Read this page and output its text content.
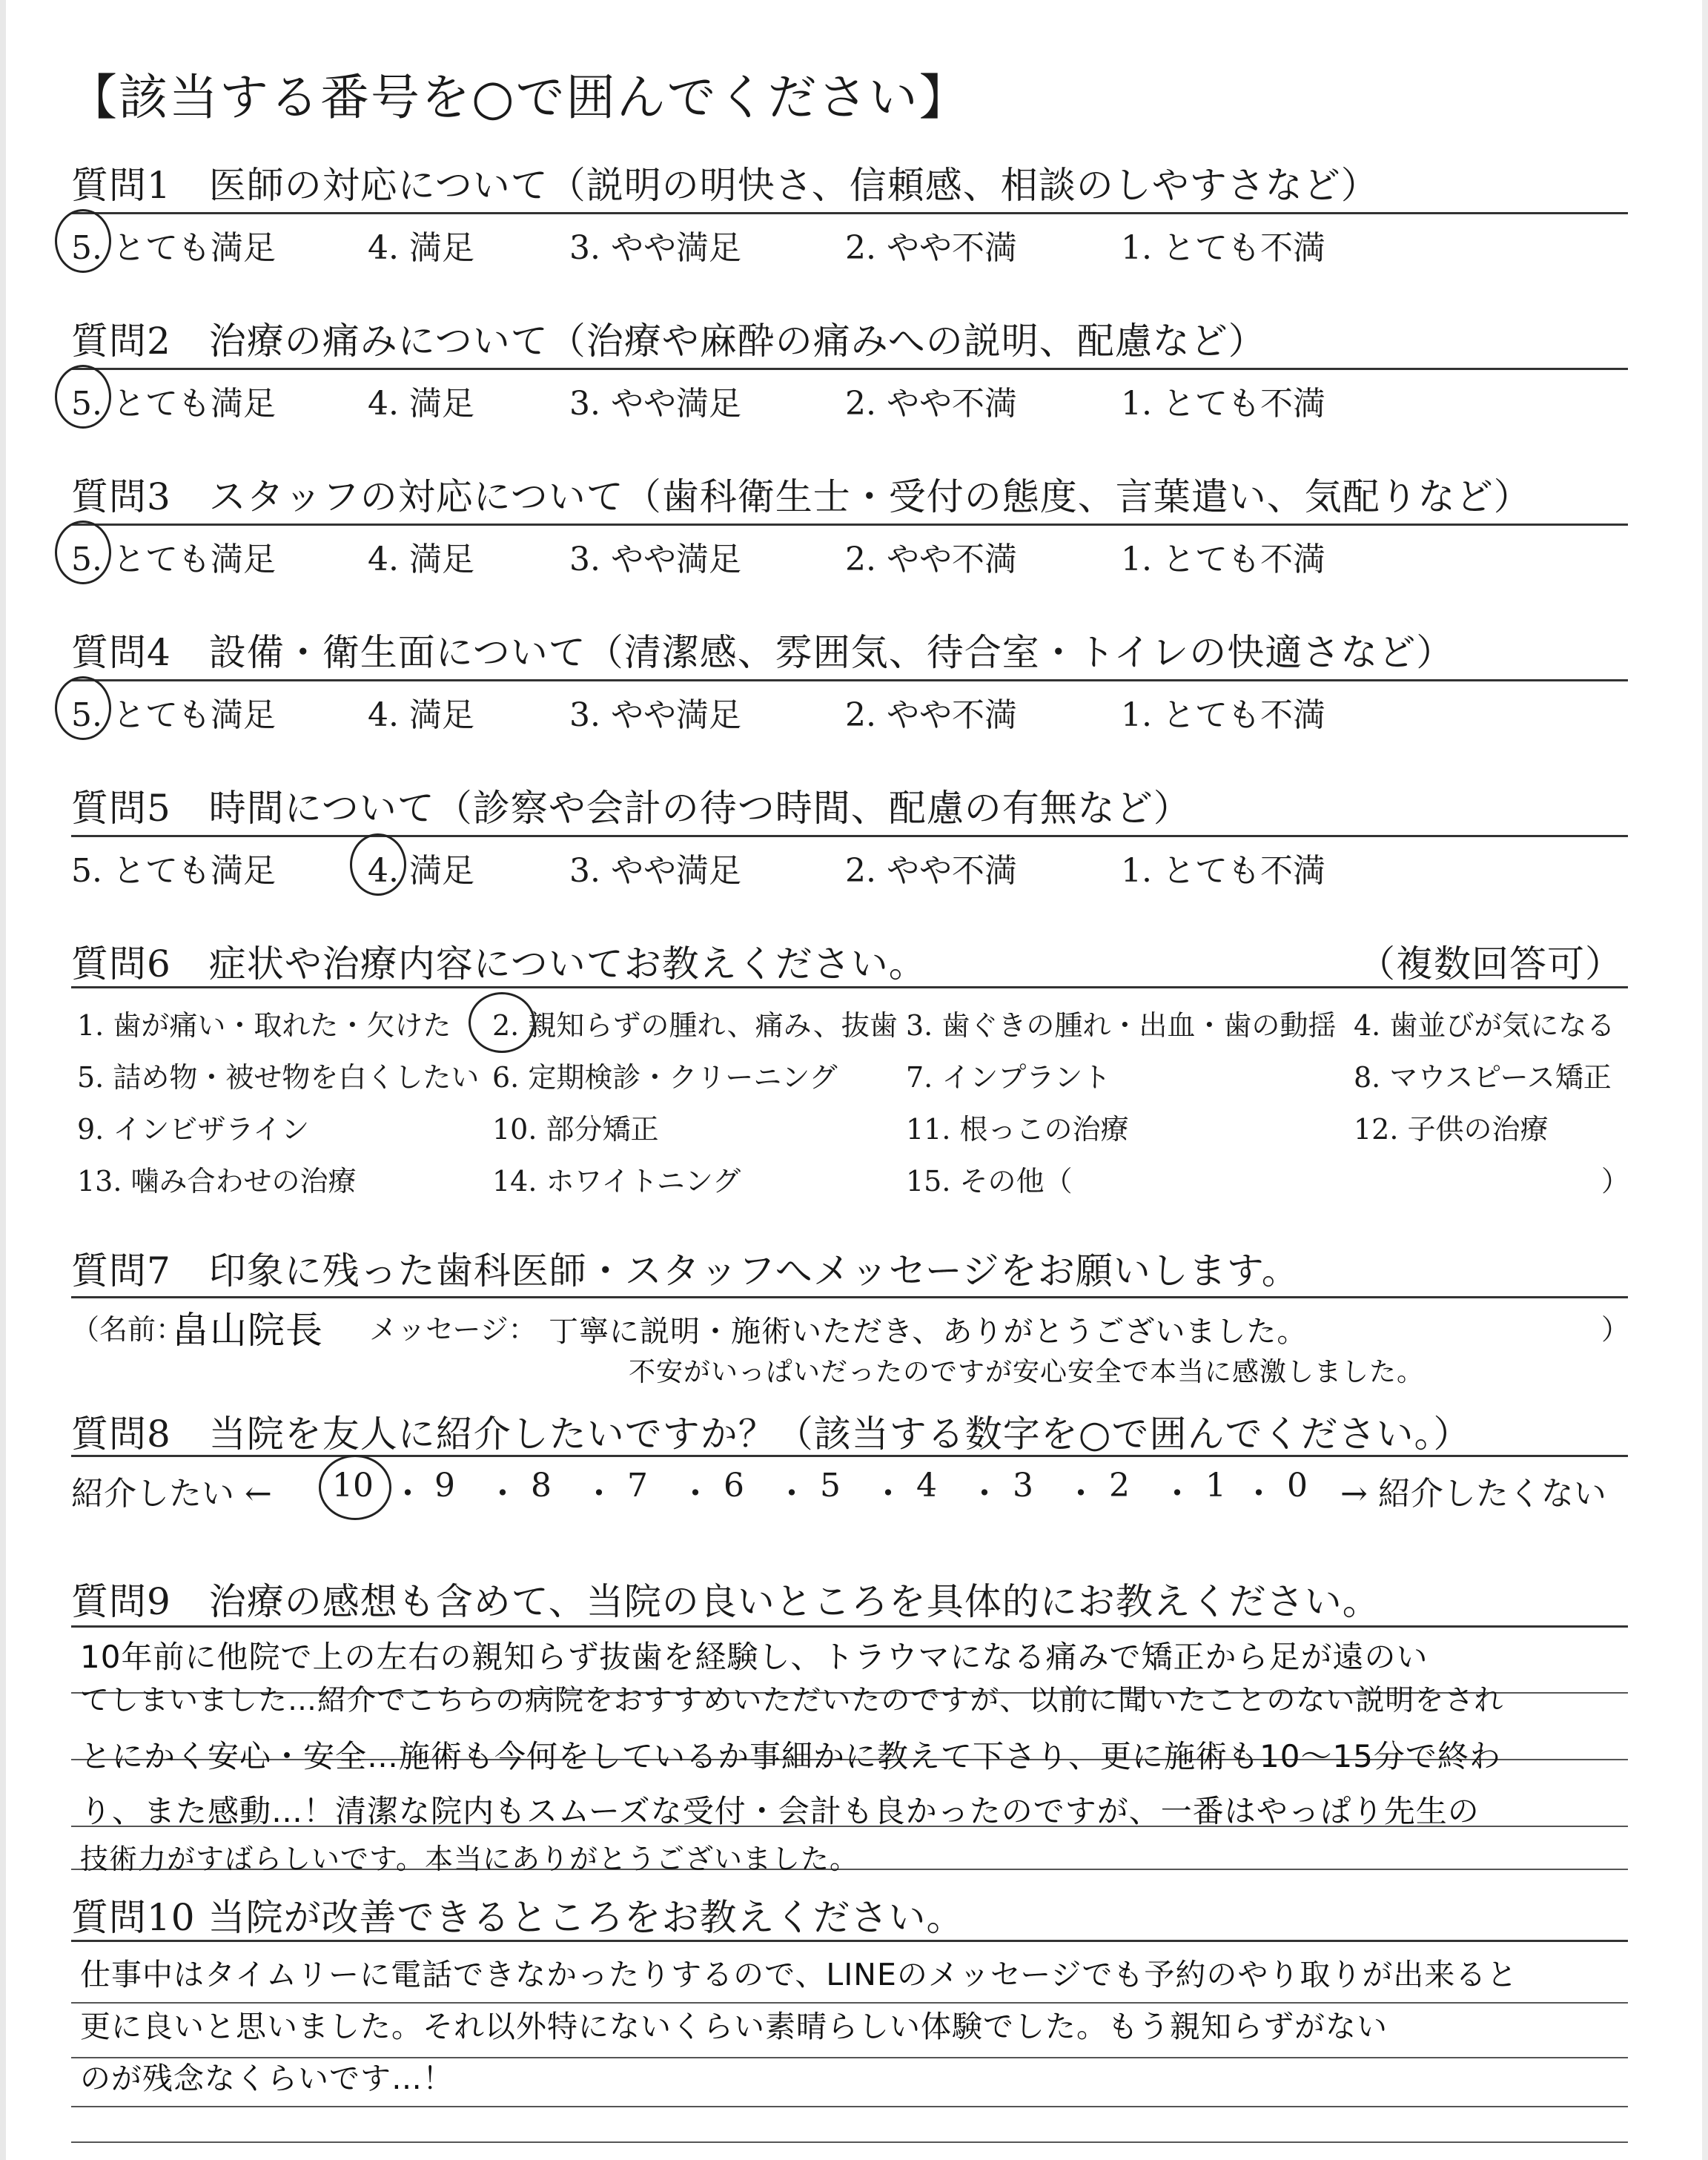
【該当する番号を○で囲んでください】
質問1　医師の対応について（説明の明快さ、信頼感、相談のしやすさなど）
5. とても満足	4. 満足	3. やや満足	2. やや不満	1. とても不満
質問2　治療の痛みについて（治療や麻酔の痛みへの説明、配慮など）
5. とても満足	4. 満足	3. やや満足	2. やや不満	1. とても不満
質問3　スタッフの対応について（歯科衛生士・受付の態度、言葉遣い、気配りなど）
5. とても満足	4. 満足	3. やや満足	2. やや不満	1. とても不満
質問4　設備・衛生面について（清潔感、雰囲気、待合室・トイレの快適さなど）
5. とても満足	4. 満足	3. やや満足	2. やや不満	1. とても不満
質問5　時間について（診察や会計の待つ時間、配慮の有無など）
5. とても満足	4. 満足	3. やや満足	2. やや不満	1. とても不満
質問6　症状や治療内容についてお教えください。	（複数回答可）
1. 歯が痛い・取れた・欠けた 2. 親知らずの腫れ、痛み、抜歯 3. 歯ぐきの腫れ・出血・歯の動揺 4. 歯並びが気になる
5. 詰め物・被せ物を白くしたい 6. 定期検診・クリーニング 7. インプラント	8. マウスピース矯正
9. インビザライン	10. 部分矯正	11. 根っこの治療	12. 子供の治療
13. 噛み合わせの治療	14. ホワイトニング	15. その他（	）
質問7　印象に残った歯科医師・スタッフへメッセージをお願いします。
（名前：
畠山院長 メッセージ： 丁寧に説明・施術いただき、ありがとうございました。
不安がいっぱいだったのですが安心安全で本当に感激しました。
）
質問8　当院を友人に紹介したいですか？（該当する数字を○で囲んでください。）
紹介したい ← 10 9 8 7 6 5 4 3 2 1 0 → 紹介したくない
・ ・ ・ ・ ・ ・ ・ ・ ・ ・
質問9　治療の感想も含めて、当院の良いところを具体的にお教えください。
10年前に他院で上の左右の親知らず抜歯を経験し、トラウマになる痛みで矯正から足が遠のい
てしまいました…紹介でこちらの病院をおすすめいただいたのですが、以前に聞いたことのない説明をされ
とにかく安心・安全…施術も今何をしているか事細かに教えて下さり、更に施術も10〜15分で終わ
り、また感動…！清潔な院内もスムーズな受付・会計も良かったのですが、一番はやっぱり先生の
技術力がすばらしいです。本当にありがとうございました。
質問10 当院が改善できるところをお教えください。
仕事中はタイムリーに電話できなかったりするので、LINEのメッセージでも予約のやり取りが出来ると
更に良いと思いました。それ以外特にないくらい素晴らしい体験でした。もう親知らずがない
のが残念なくらいです…！
